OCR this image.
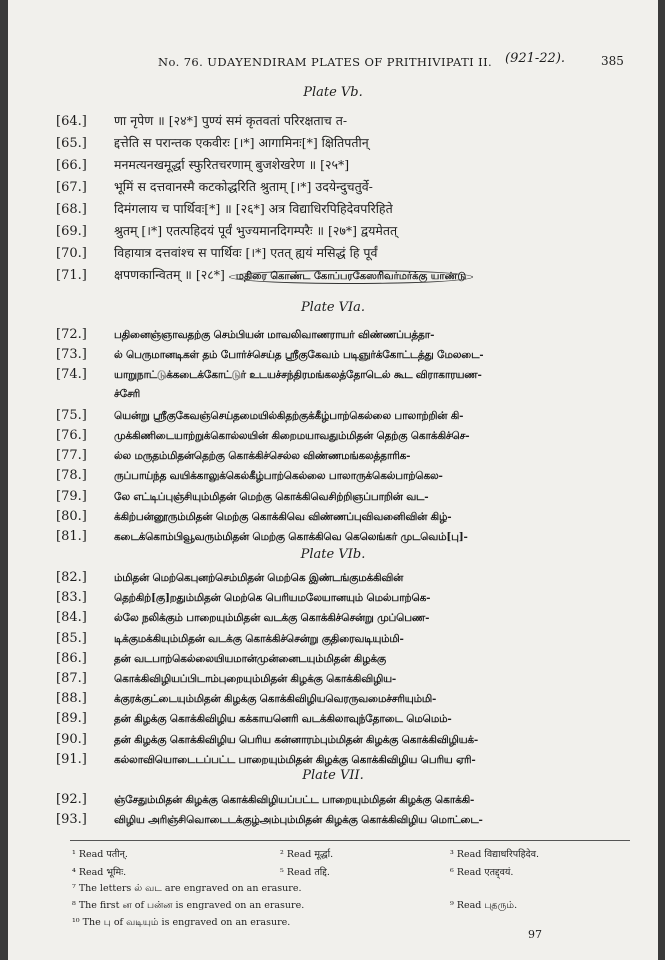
No. 76. UDAYENDIRAM PLATES OF PRITHIVIPATI II. (921-22).	385
Plate Vb.
[64.]	णा नृपेण ॥ [२४*] पुण्यं समं कृतवतां परिरक्षताच त-
[65.]	द्दत्तेति स परान्तक एकवीरः [।*] आगामिनः[*] क्षितिपतीन्
[66.]	मनमत्यनखमूर्द्धा स्फुरितचरणाम् बुजशेखरेण ॥ [२५*]
[67.]	भूमिं स दत्तवानस्मै कटकोद्धरिति श्रुताम् [।*] उदयेन्दुचतुर्वे-
[68.]	दिमंगलाय च पार्थिवः[*] ॥ [२६*] अत्र विद्याधिरपिहिदेवपरिहिते
[69.]	श्रुतम् [।*] एतत्पहिदयं पूर्वं भुज्यमानदिगम्परैः ॥ [२७*] द्वयमेतत्
[70.]	विहायात्र दत्तवांश्च स पार्थिवः [।*] एतत् ह्ययं मसिद्धं हि पूर्वं
[71.]	क्षपणकान्वितम् ॥ [२८*]	மதிரை கொண்ட கோப்பரகேஸரிவர்மர்க்கு யாண்டு
Plate VIa.
[72.]	பதினைஞ்ஞாவதற்கு செம்பியன் மாவலிவாணராயர் விண்ணப்பத்தா-
[73.]	ல் பெருமானடிகள் தம் போர்ச்செய்த ஸ்ரீகுகேவம் படிஞுர்க்கோட்டத்து மேலடை-
[74.]	யாறுநாட்டுக்கடைக்கோட்டுர் உடயச்சந்திரமங்கலத்தோடெல் கூட விராகாரயண-
ச்சேரி
[75.]	யென்று ஸ்ரீகுகேவஞ்செய்தமையில்கிதற்குக்கீழ்பாற்கெல்லை பாலாற்றின் கி-
[76.]	முக்கிணிடையாற்றுக்கொல்லயின் கிறைமயாவதும்மிதன் தெற்கு கொக்கிச்செ-
[77.]	ல்ல மருதம்மிதன்தெற்கு கொக்கிச்செல்ல விண்ணமங்கலத்தாரிக-
[78.]	ருப்பாய்ந்த வயிக்காலுக்கெல்கீழ்பாற்கெல்லை பாலாருக்கெல்பாற்கெல-
[79.]	லே எட்டிப்புஞ்சியும்மிதன் மெற்கு கொக்கிவெசிற்றிஞப்பாறின் வட-
[80.]	க்கிற்பன்னூரும்மிதன் மெற்கு கொக்கிவெ விண்ணப்புவிவனைிவின் கிழ்-
[81.]	கடைக்கொம்பிவூவரும்மிதன் மெற்கு கொக்கிவெ கெலெங்கர் முடவெம்[பு]-
Plate VIb.
[82.]	ம்மிதன் மெற்கெபுனற்செம்மிதன் மெற்கெ இண்டங்குமக்கிவின்
[83.]	தெற்கிற்[கு]றதும்மிதன் மெற்கெ பெரியமலேயானயும் மெல்பாற்கெ-
[84.]	ல்லே நலிக்கும் பாறையும்மிதன் வடக்கு கொக்கிச்சென்று முப்பெண-
[85.]	டிக்குமக்கியும்மிதன் வடக்கு கொக்கிச்சென்று குதிரைவடியும்மி-
[86.]	தன் வடபாற்கெல்லையியமான்முன்னைடயும்மிதன் கிழக்கு
[87.]	கொக்கிவிழியப்பிடாம்புறையும்மிதன் கிழக்கு கொக்கிவிழிய-
[88.]	க்குரக்குட்டையும்மிதன் கிழக்கு கொக்கிவிழியவெரருவமைச்சரியும்மி-
[89.]	தன் கிழக்கு கொக்கிவிழிய கக்காயனெரி வடக்கிலாவுந்தோடை மெமெம்-
[90.]	தன் கிழக்கு கொக்கிவிழிய பெரிய கன்னாரம்பும்மிதன் கிழக்கு கொக்கிவிழியக்-
[91.]	கல்லாவியொடைடப்பட்ட பாறையும்மிதன் கிழக்கு கொக்கிவிழிய பெரிய ஏரி-
Plate VII.
[92.]	ஞ்சேதும்மிதன் கிழக்கு கொக்கிவிழியப்பட்ட பாறையும்மிதன் கிழக்கு கொக்கி-
[93.]	விழிய அரிஞ்சிவொடைடக்குழ்அம்பும்மிதன் கிழக்கு கொக்கிவிழிய மொட்டை-
¹ Read पतीन्.	² Read मूर्द्धा.	³ Read विद्याधरिपहिदेव.
⁴ Read भूमिः.	⁵ Read तद्दि.	⁶ Read एतद्द्वयं.
⁷ The letters ல் வட are engraved on an erasure.
⁸ The first ன of பன்ன is engraved on an erasure.	⁹ Read புதரும்.
¹⁰ The பு of வடியும் is engraved on an erasure.
97
